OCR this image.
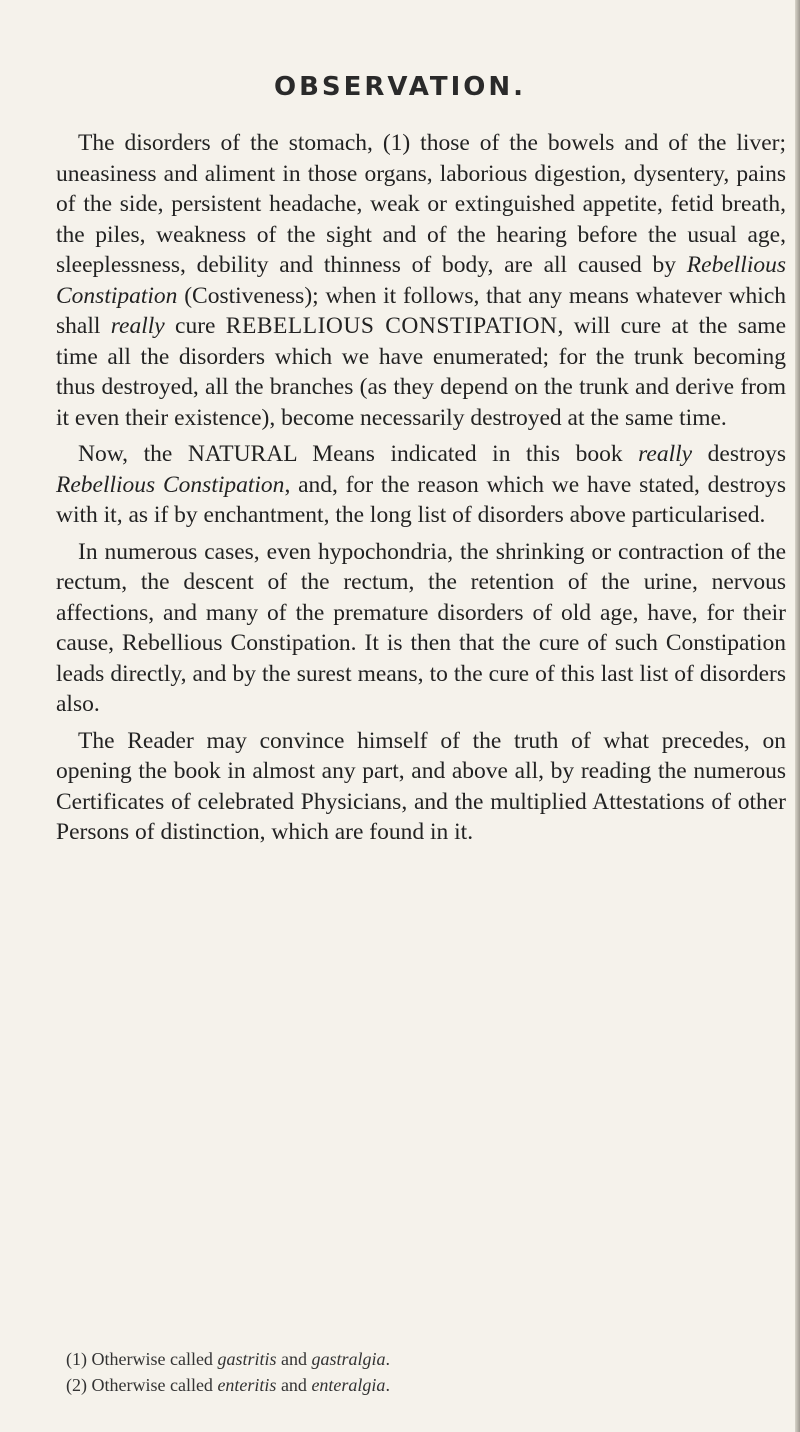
OBSERVATION.

The disorders of the stomach, (1) those of the bowels and of the liver; uneasiness and aliment in those organs, laborious digestion, dysentery, pains of the side, persistent headache, weak or extinguished appetite, fetid breath, the piles, weakness of the sight and of the hearing before the usual age, sleeplessness, debility and thinness of body, are all caused by Rebellious Constipation (Costiveness); when it follows, that any means whatever which shall really cure REBELLIOUS CONSTIPATION, will cure at the same time all the disorders which we have enumerated; for the trunk becoming thus destroyed, all the branches (as they depend on the trunk and derive from it even their existence), become necessarily destroyed at the same time.

Now, the NATURAL Means indicated in this book really destroys Rebellious Constipation, and, for the reason which we have stated, destroys with it, as if by enchantment, the long list of disorders above particularised.

In numerous cases, even hypochondria, the shrinking or contraction of the rectum, the descent of the rectum, the retention of the urine, nervous affections, and many of the premature disorders of old age, have, for their cause, Rebellious Constipation. It is then that the cure of such Constipation leads directly, and by the surest means, to the cure of this last list of disorders also.

The Reader may convince himself of the truth of what precedes, on opening the book in almost any part, and above all, by reading the numerous Certificates of celebrated Physicians, and the multiplied Attestations of other Persons of distinction, which are found in it.

(1) Otherwise called gastritis and gastralgia.

(2) Otherwise called enteritis and enteralgia.
